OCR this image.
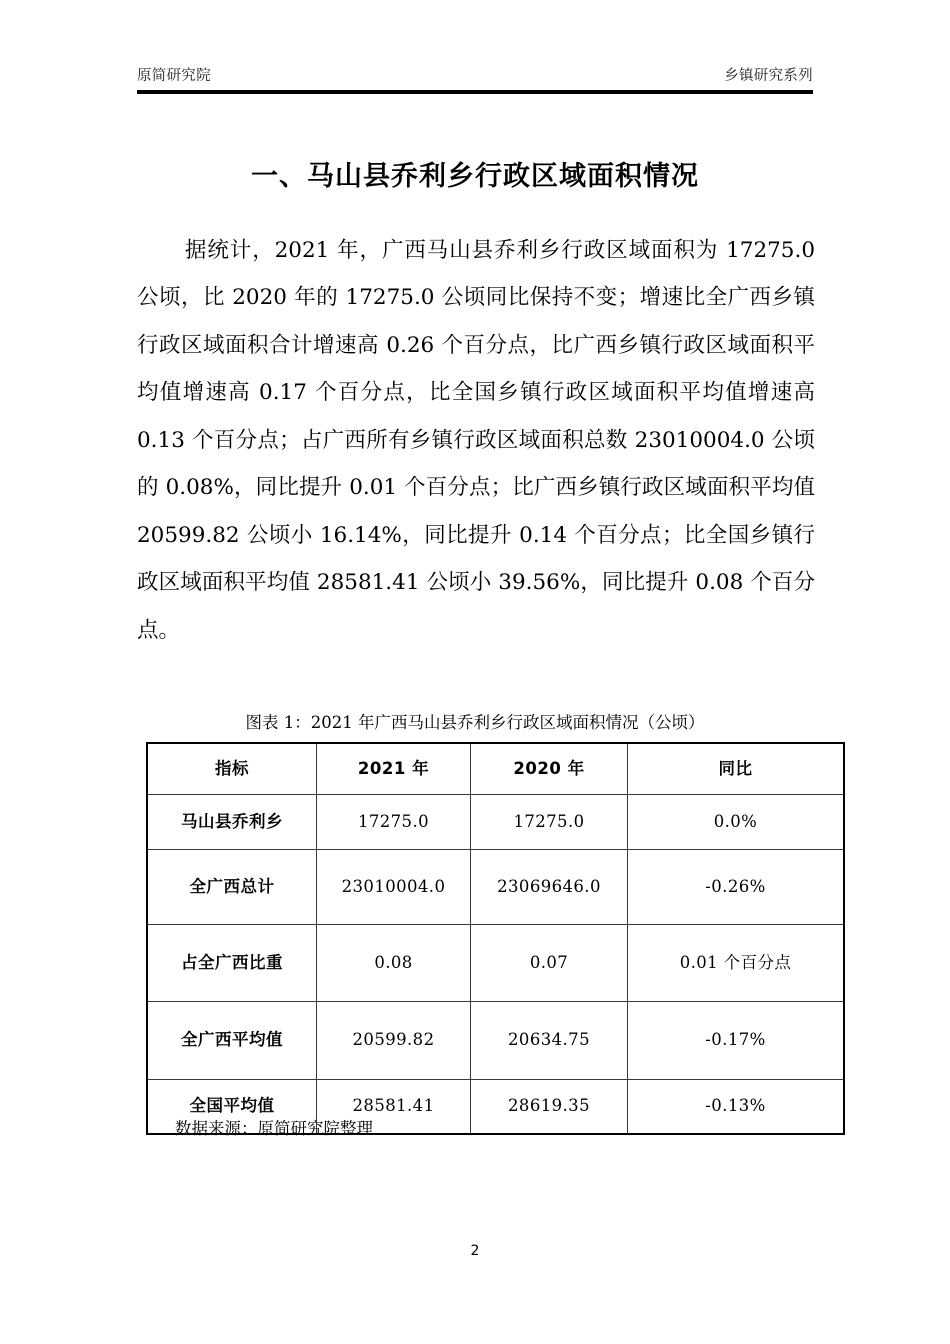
原简研究院	乡镇研究系列
一、马山县乔利乡行政区域面积情况

据统计，2021 年，广西马山县乔利乡行政区域面积为 17275.0 公顷，比 2020 年的 17275.0 公顷同比保持不变；增速比全广西乡镇行政区域面积合计增速高 0.26 个百分点，比广西乡镇行政区域面积平均值增速高 0.17 个百分点，比全国乡镇行政区域面积平均值增速高 0.13 个百分点；占广西所有乡镇行政区域面积总数 23010004.0 公顷的 0.08%，同比提升 0.01 个百分点；比广西乡镇行政区域面积平均值 20599.82 公顷小 16.14%，同比提升 0.14 个百分点；比全国乡镇行政区域面积平均值 28581.41 公顷小 39.56%，同比提升 0.08 个百分点。

图表 1：2021 年广西马山县乔利乡行政区域面积情况（公顷）
指标	2021 年	2020 年	同比
马山县乔利乡	17275.0	17275.0	0.0%
全广西总计	23010004.0	23069646.0	-0.26%
占全广西比重	0.08	0.07	0.01 个百分点
全广西平均值	20599.82	20634.75	-0.17%
全国平均值	28581.41	28619.35	-0.13%
数据来源：原简研究院整理
2
